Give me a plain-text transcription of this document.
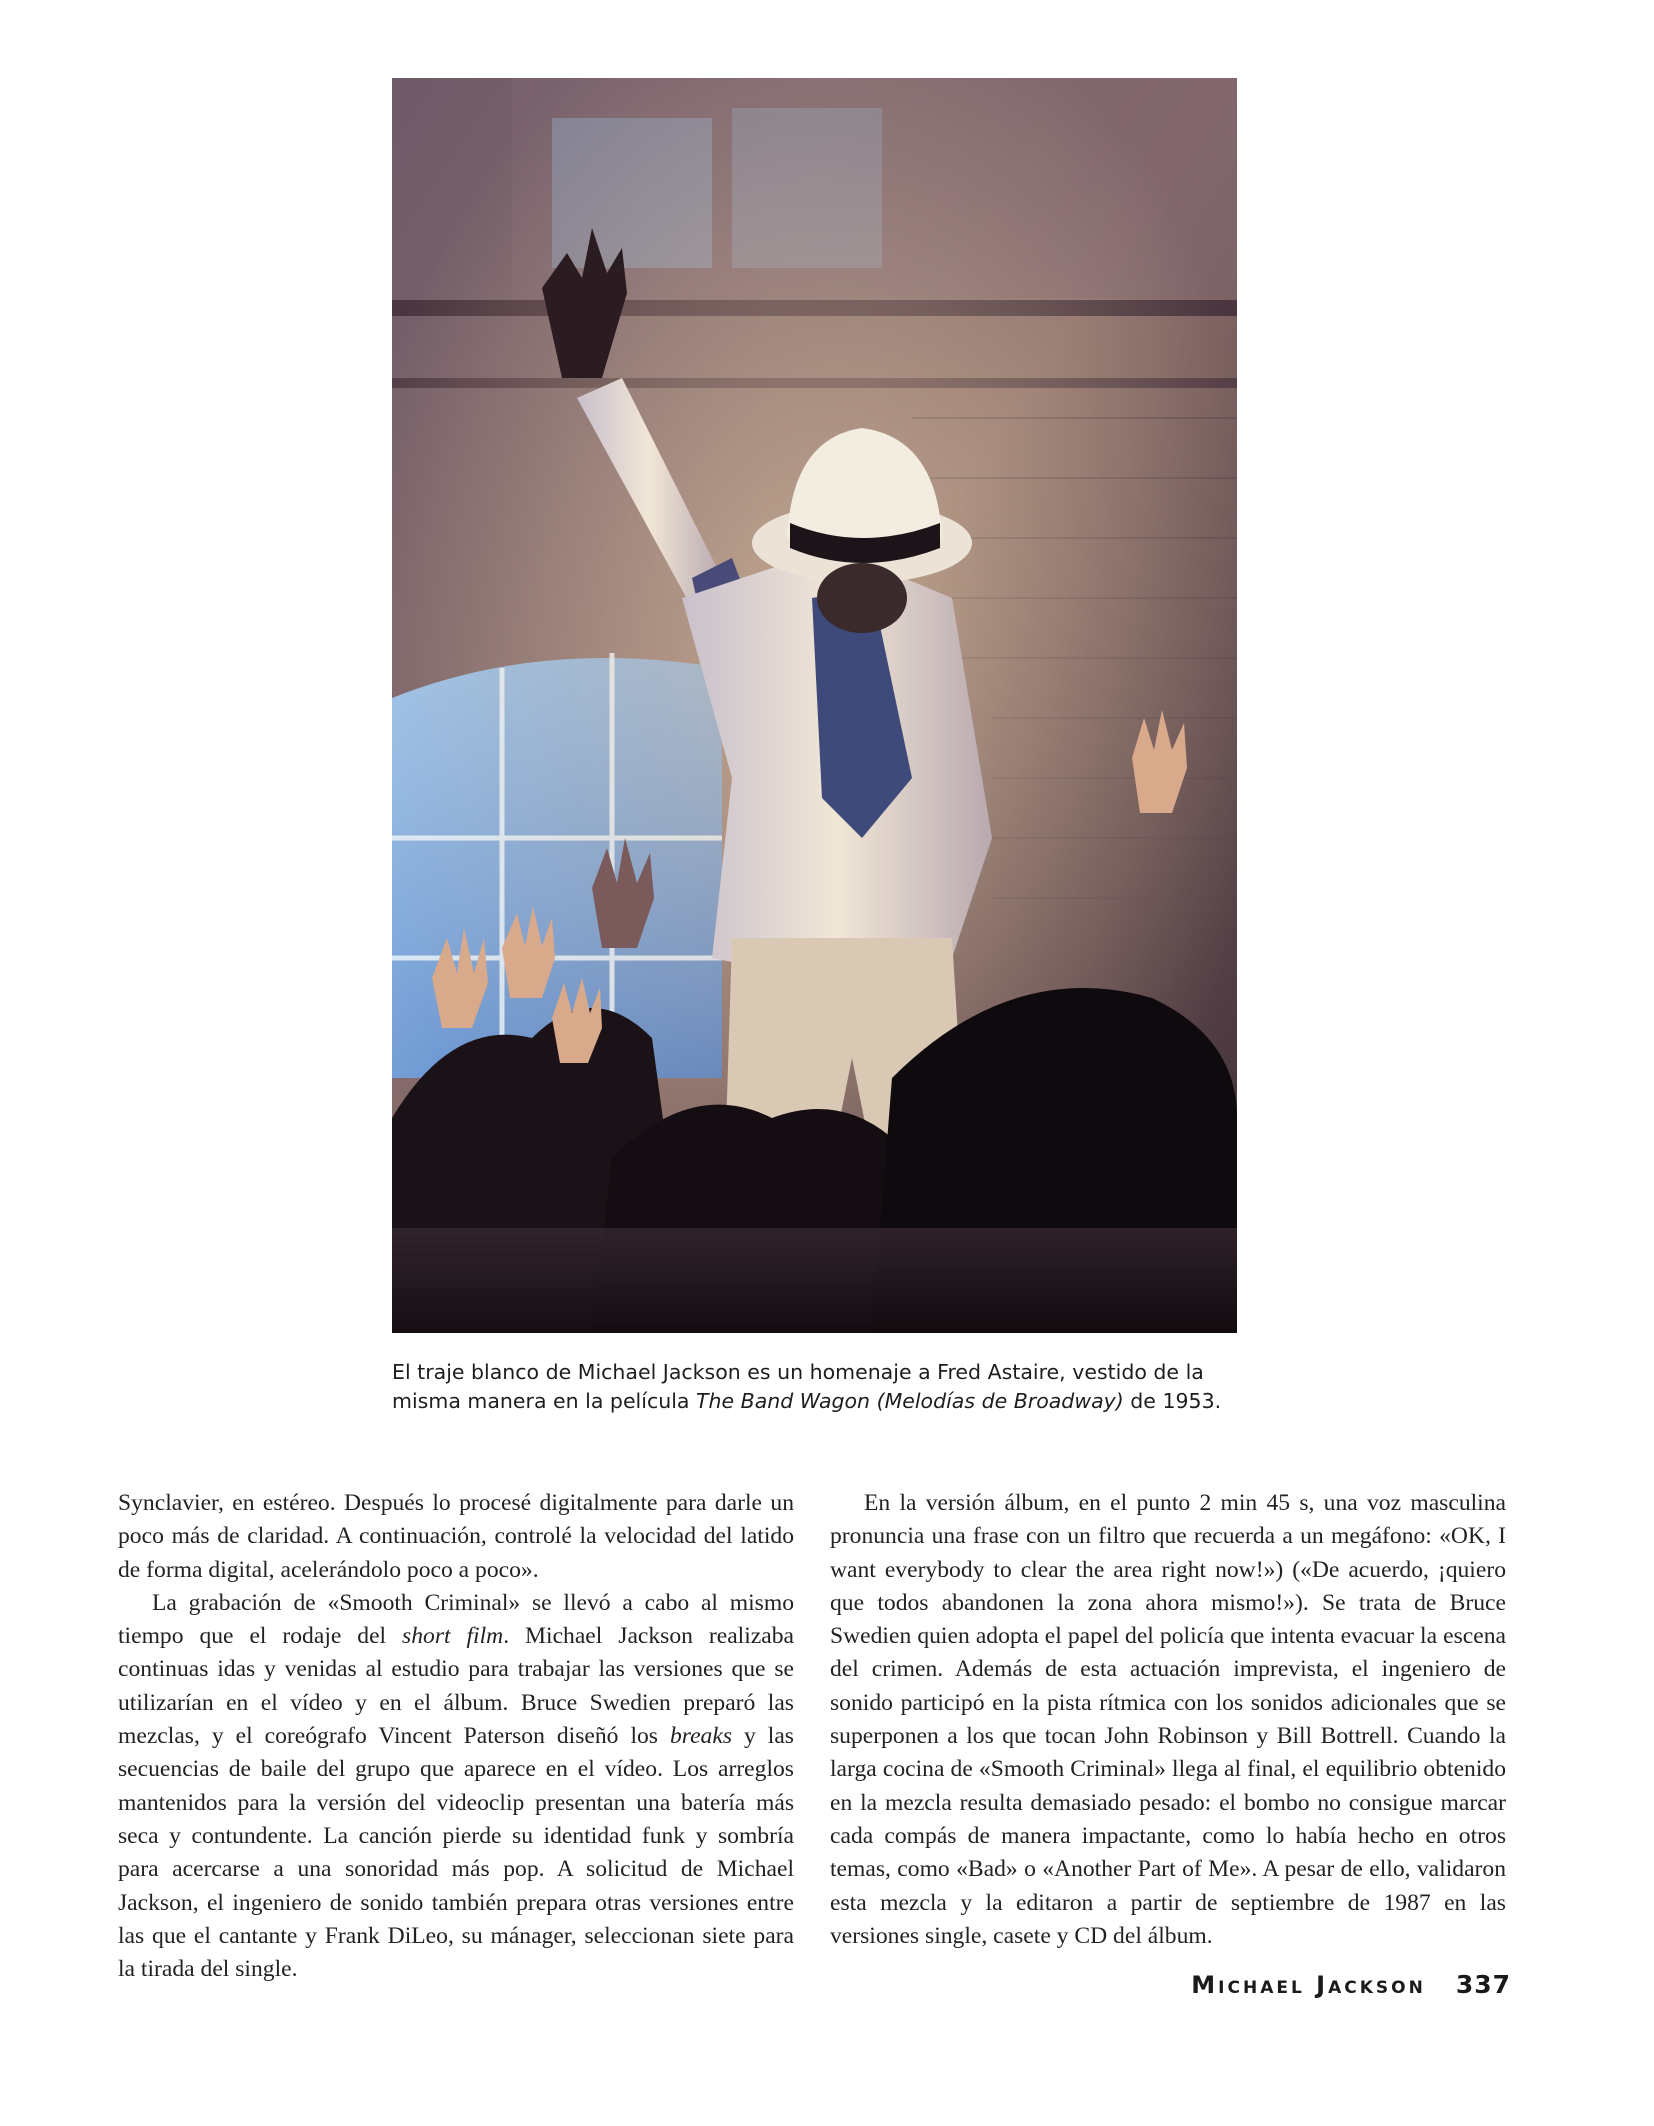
El traje blanco de Michael Jackson es un homenaje a Fred Astaire, vestido de la
misma manera en la película The Band Wagon (Melodías de Broadway) de 1953.

Synclavier, en estéreo. Después lo procesé digitalmente para darle un poco más de claridad. A continuación, controlé la velocidad del latido de forma digital, acelerándolo poco a poco».

La grabación de «Smooth Criminal» se llevó a cabo al mismo tiempo que el rodaje del short film. Michael Jackson realizaba continuas idas y venidas al estudio para trabajar las versiones que se utilizarían en el vídeo y en el álbum. Bruce Swedien preparó las mezclas, y el coreógrafo Vincent Paterson diseñó los breaks y las secuencias de baile del grupo que aparece en el vídeo. Los arreglos mantenidos para la versión del videoclip presentan una batería más seca y contundente. La canción pierde su identidad funk y sombría para acercarse a una sonoridad más pop. A solicitud de Michael Jackson, el ingeniero de sonido también prepara otras versiones entre las que el cantante y Frank DiLeo, su mánager, seleccionan siete para la tirada del single.

En la versión álbum, en el punto 2 min 45 s, una voz masculina pronuncia una frase con un filtro que recuerda a un megáfono: «OK, I want everybody to clear the area right now!») («De acuerdo, ¡quiero que todos abandonen la zona ahora mismo!»). Se trata de Bruce Swedien quien adopta el papel del policía que intenta evacuar la escena del crimen. Además de esta actuación imprevista, el ingeniero de sonido participó en la pista rítmica con los sonidos adicionales que se superponen a los que tocan John Robinson y Bill Bottrell. Cuando la larga cocina de «Smooth Criminal» llega al final, el equilibrio obtenido en la mezcla resulta demasiado pesado: el bombo no consigue marcar cada compás de manera impactante, como lo había hecho en otros temas, como «Bad» o «Another Part of Me». A pesar de ello, validaron esta mezcla y la editaron a partir de septiembre de 1987 en las versiones single, casete y CD del álbum.

Michael Jackson 337
